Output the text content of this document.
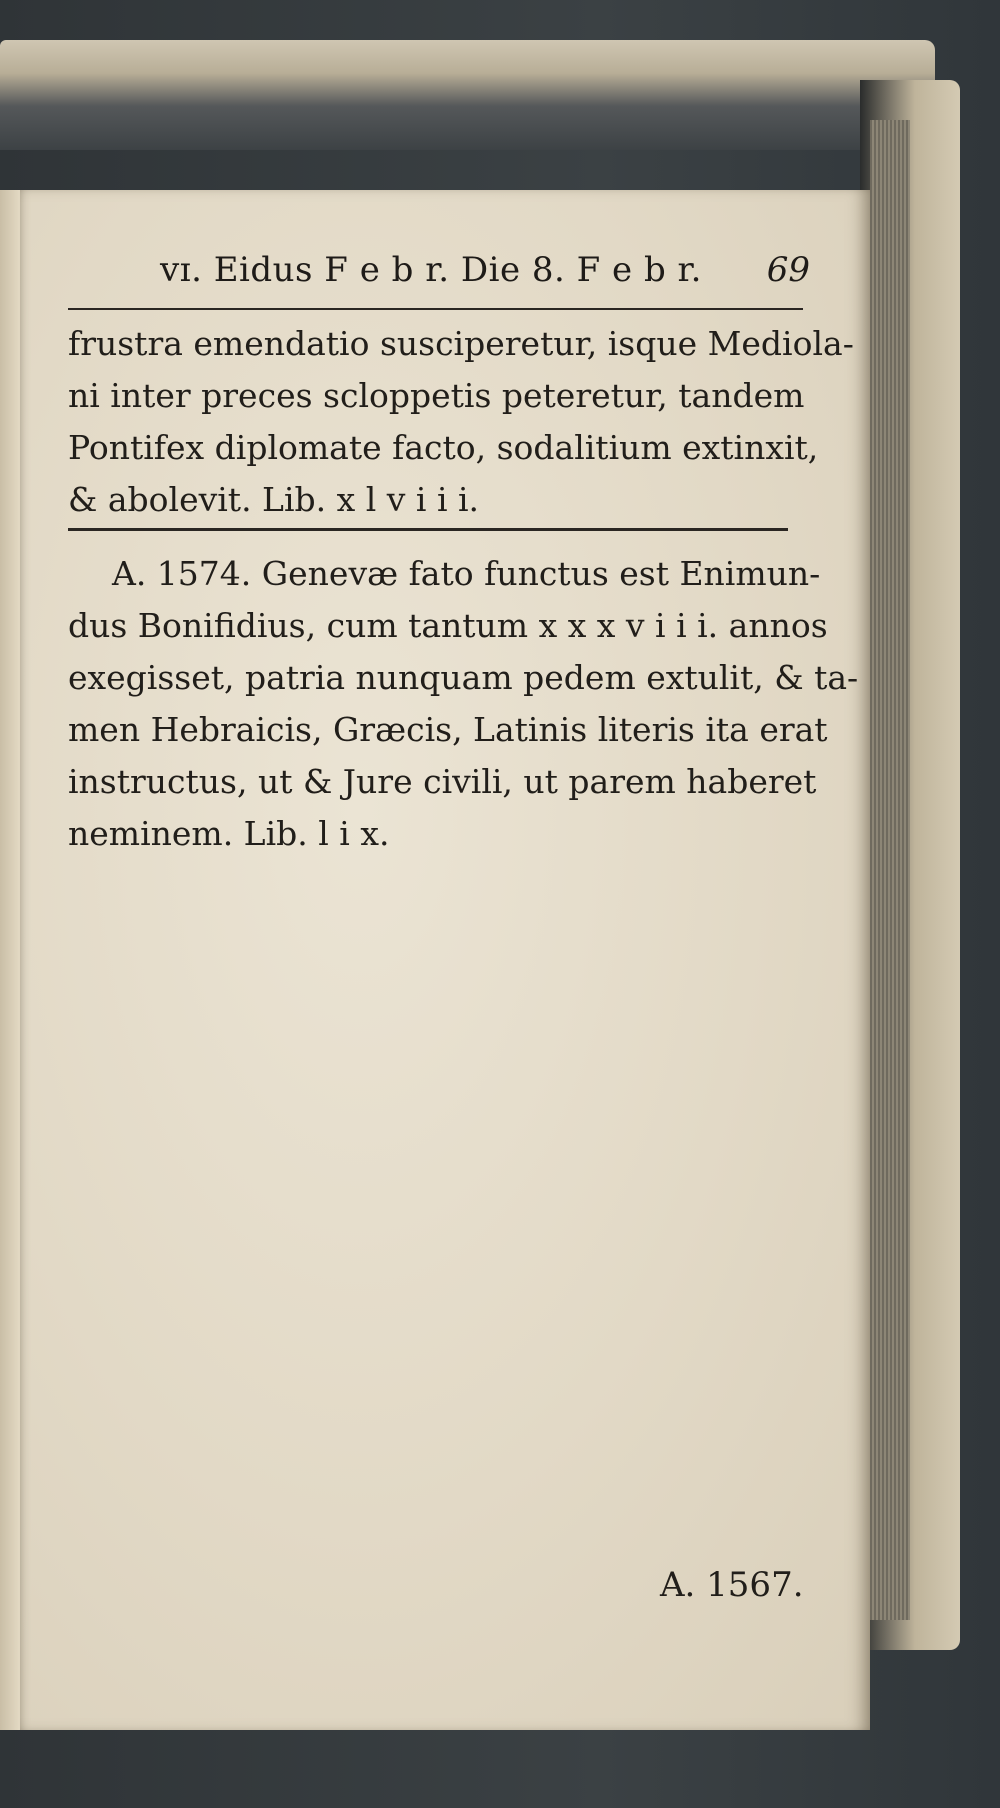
vɪ. Eidus F e b r. Die 8. F e b r. 69
frustra emendatio susciperetur, isque Mediola-
ni inter preces scloppetis peteretur, tandem
Pontifex diplomate facto, sodalitium extinxit,
& abolevit. Lib. x l v i i i.
A. 1574. Genevæ fato functus est Enimun-
dus Bonifidius, cum tantum x x x v i i i. annos
exegisset, patria nunquam pedem extulit, & ta-
men Hebraicis, Græcis, Latinis literis ita erat
instructus, ut & Jure civili, ut parem haberet
neminem. Lib. l i x.
A. 1567.
